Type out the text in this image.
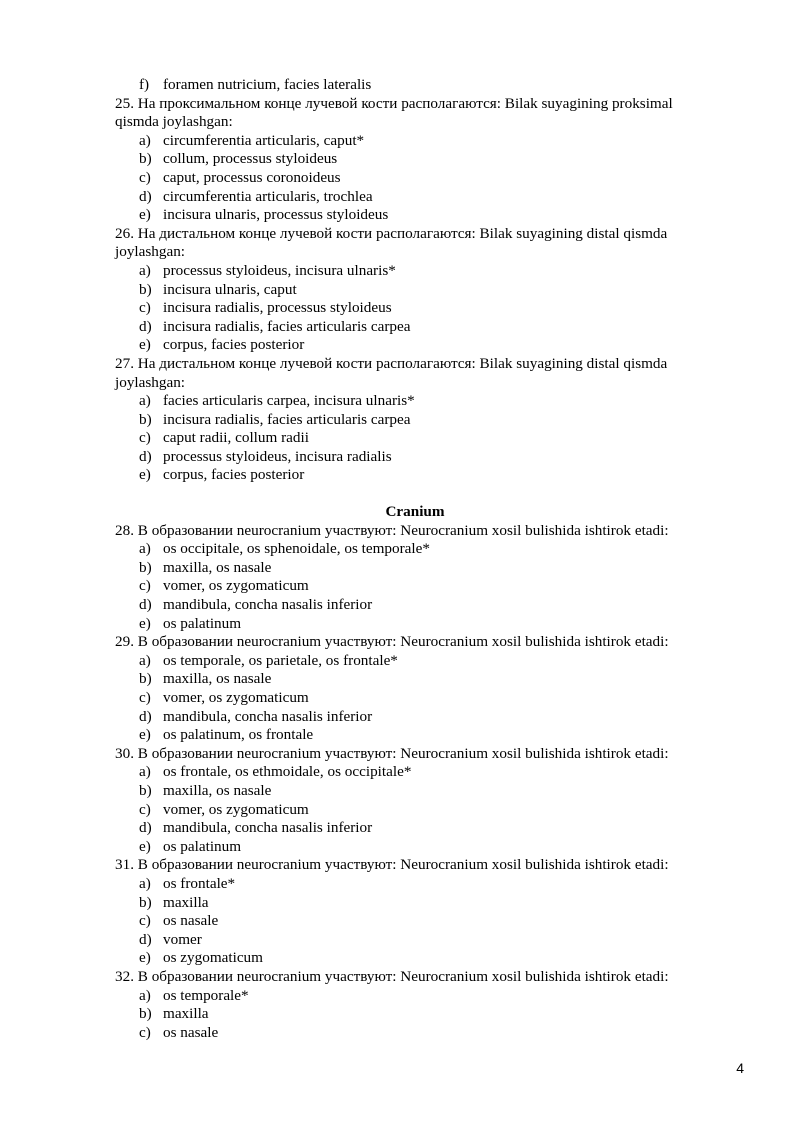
f) foramen nutricium, facies lateralis
25. На проксимальном конце лучевой кости располагаются: Bilak suyagining proksimal qismda joylashgan:
a) circumferentia articularis, caput*
b) collum, processus styloideus
c) caput, processus coronoideus
d) circumferentia articularis, trochlea
e) incisura ulnaris, processus styloideus
26. На дистальном конце лучевой кости располагаются: Bilak suyagining distal qismda joylashgan:
a) processus styloideus, incisura ulnaris*
b) incisura ulnaris, caput
c) incisura radialis, processus styloideus
d) incisura radialis, facies articularis carpea
e) corpus, facies posterior
27. На дистальном конце лучевой кости располагаются: Bilak suyagining distal qismda joylashgan:
a) facies articularis carpea, incisura ulnaris*
b) incisura radialis, facies articularis carpea
c) caput radii, collum radii
d) processus styloideus, incisura radialis
e) corpus, facies posterior
Cranium
28. В образовании neurocranium участвуют: Neurocranium xosil bulishida ishtirok etadi:
a) os occipitale, os sphenoidale, os temporale*
b) maxilla, os nasale
c) vomer, os zygomaticum
d) mandibula, concha nasalis inferior
e) os palatinum
29. В образовании neurocranium участвуют: Neurocranium xosil bulishida ishtirok etadi:
a) os temporale, os parietale, os frontale*
b) maxilla, os nasale
c) vomer, os zygomaticum
d) mandibula, concha nasalis inferior
e) os palatinum, os frontale
30. В образовании neurocranium участвуют: Neurocranium xosil bulishida ishtirok etadi:
a) os frontale, os ethmoidale, os occipitale*
b) maxilla, os nasale
c) vomer, os zygomaticum
d) mandibula, concha nasalis inferior
e) os palatinum
31. В образовании neurocranium участвуют: Neurocranium xosil bulishida ishtirok etadi:
a) os frontale*
b) maxilla
c) os nasale
d) vomer
e) os zygomaticum
32. В образовании neurocranium участвуют: Neurocranium xosil bulishida ishtirok etadi:
a) os temporale*
b) maxilla
c) os nasale
4
